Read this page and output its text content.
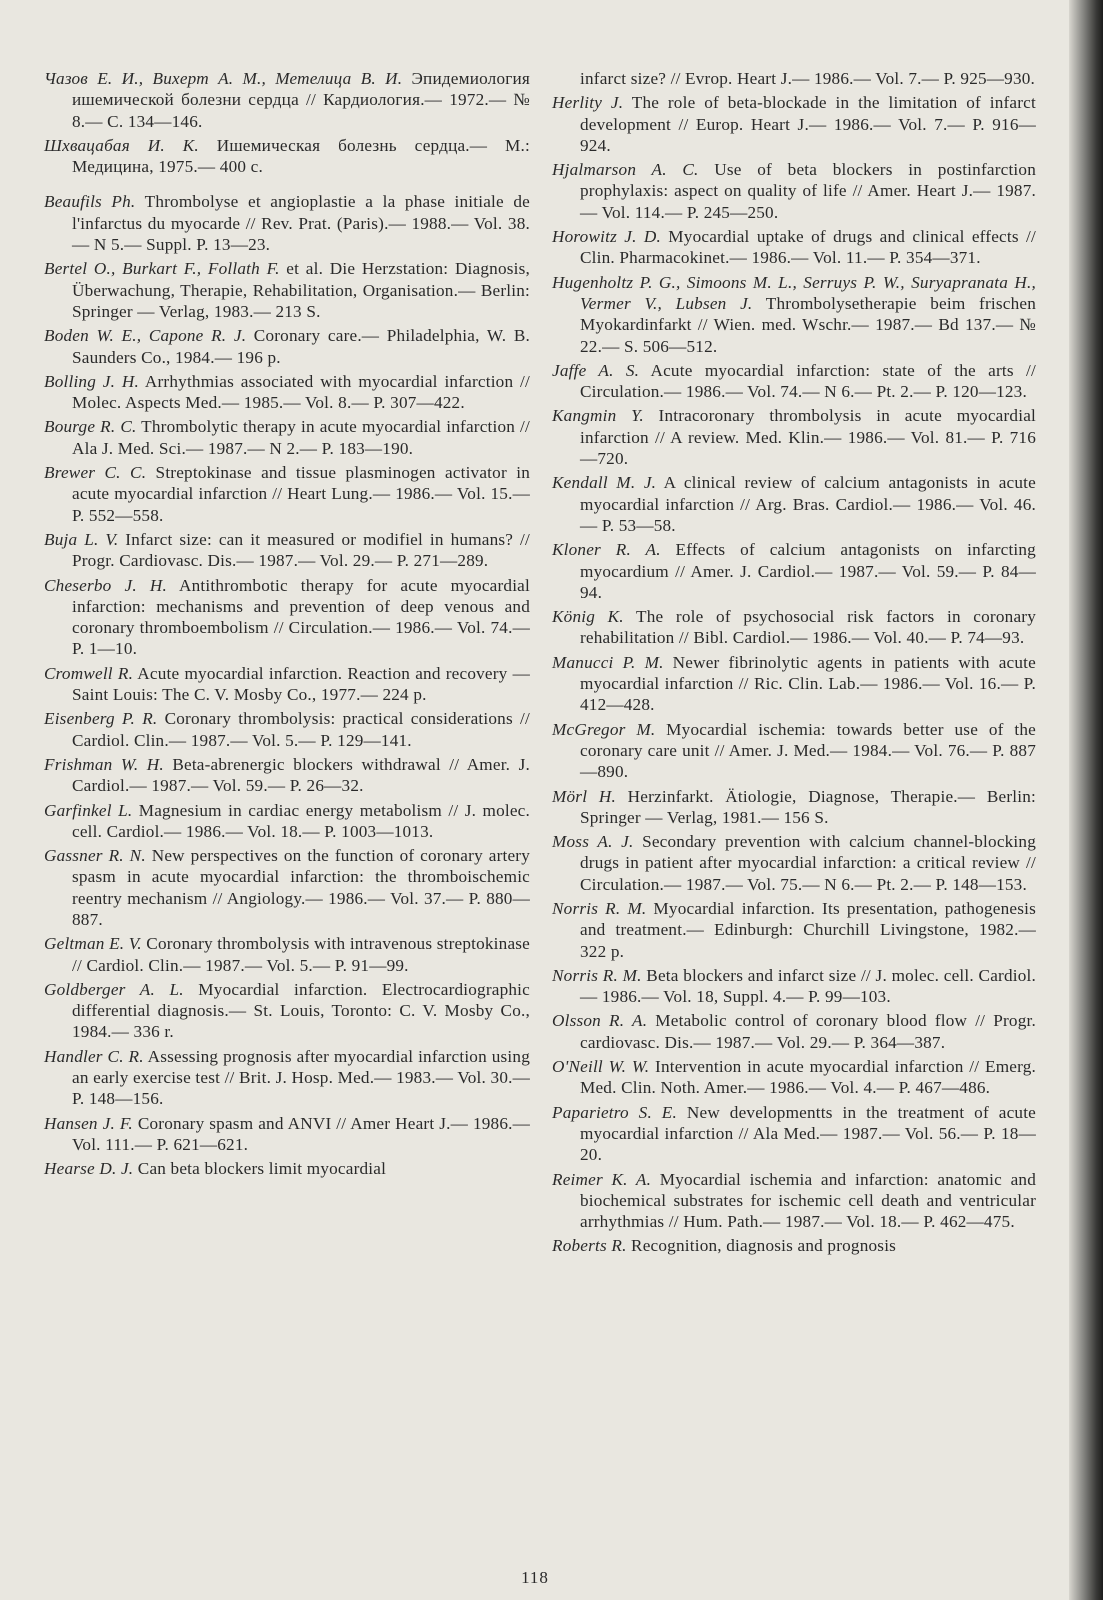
Чазов Е. И., Вихерт А. М., Метелица В. И. Эпидемиология ишемической болезни сердца // Кардиология.— 1972.— № 8.— С. 134—146.

Шхвацабая И. К. Ишемическая болезнь сердца.— М.: Медицина, 1975.— 400 с.

Beaufils Ph. Thrombolyse et angioplastie a la phase initiale de l'infarctus du myocarde // Rev. Prat. (Paris).— 1988.— Vol. 38.— N 5.— Suppl. P. 13—23.

Bertel O., Burkart F., Follath F. et al. Die Herzstation: Diagnosis, Überwachung, Therapie, Rehabilitation, Organisation.— Berlin: Springer — Verlag, 1983.— 213 S.

Boden W. E., Capone R. J. Coronary care.— Philadelphia, W. B. Saunders Co., 1984.— 196 p.

Bolling J. H. Arrhythmias associated with myocardial infarction // Molec. Aspects Med.— 1985.— Vol. 8.— P. 307—422.

Bourge R. C. Thrombolytic therapy in acute myocardial infarction // Ala J. Med. Sci.— 1987.— N 2.— P. 183—190.

Brewer C. C. Streptokinase and tissue plasminogen activator in acute myocardial infarction // Heart Lung.— 1986.— Vol. 15.— P. 552—558.

Buja L. V. Infarct size: can it measured or modifiel in humans? // Progr. Cardiovasc. Dis.— 1987.— Vol. 29.— P. 271—289.

Cheserbo J. H. Antithrombotic therapy for acute myocardial infarction: mechanisms and prevention of deep venous and coronary thromboembolism // Circulation.— 1986.— Vol. 74.— P. 1—10.

Cromwell R. Acute myocardial infarction. Reaction and recovery — Saint Louis: The C. V. Mosby Co., 1977.— 224 p.

Eisenberg P. R. Coronary thrombolysis: practical considerations // Cardiol. Clin.— 1987.— Vol. 5.— P. 129—141.

Frishman W. H. Beta-abrenergic blockers withdrawal // Amer. J. Cardiol.— 1987.— Vol. 59.— P. 26—32.

Garfinkel L. Magnesium in cardiac energy metabolism // J. molec. cell. Cardiol.— 1986.— Vol. 18.— P. 1003—1013.

Gassner R. N. New perspectives on the function of coronary artery spasm in acute myocardial infarction: the thromboischemic reentry mechanism // Angiology.— 1986.— Vol. 37.— P. 880—887.

Geltman E. V. Coronary thrombolysis with intravenous streptokinase // Cardiol. Clin.— 1987.— Vol. 5.— P. 91—99.

Goldberger A. L. Myocardial infarction. Electrocardiographic differential diagnosis.— St. Louis, Toronto: C. V. Mosby Co., 1984.— 336 r.

Handler C. R. Assessing prognosis after myocardial infarction using an early exercise test // Brit. J. Hosp. Med.— 1983.— Vol. 30.— P. 148—156.

Hansen J. F. Coronary spasm and ANVI // Amer Heart J.— 1986.— Vol. 111.— P. 621—621.

Hearse D. J. Can beta blockers limit myocardial

infarct size? // Evrop. Heart J.— 1986.— Vol. 7.— P. 925—930.

Herlity J. The role of beta-blockade in the limitation of infarct development // Europ. Heart J.— 1986.— Vol. 7.— P. 916—924.

Hjalmarson A. C. Use of beta blockers in postinfarction prophylaxis: aspect on quality of life // Amer. Heart J.— 1987.— Vol. 114.— P. 245—250.

Horowitz J. D. Myocardial uptake of drugs and clinical effects // Clin. Pharmacokinet.— 1986.— Vol. 11.— P. 354—371.

Hugenholtz P. G., Simoons M. L., Serruys P. W., Suryapranata H., Vermer V., Lubsen J. Thrombolysetherapie beim frischen Myokardinfarkt // Wien. med. Wschr.— 1987.— Bd 137.— № 22.— S. 506—512.

Jaffe A. S. Acute myocardial infarction: state of the arts // Circulation.— 1986.— Vol. 74.— N 6.— Pt. 2.— P. 120—123.

Kangmin Y. Intracoronary thrombolysis in acute myocardial infarction // A review. Med. Klin.— 1986.— Vol. 81.— P. 716—720.

Kendall M. J. A clinical review of calcium antagonists in acute myocardial infarction // Arg. Bras. Cardiol.— 1986.— Vol. 46.— P. 53—58.

Kloner R. A. Effects of calcium antagonists on infarcting myocardium // Amer. J. Cardiol.— 1987.— Vol. 59.— P. 84—94.

König K. The role of psychosocial risk factors in coronary rehabilitation // Bibl. Cardiol.— 1986.— Vol. 40.— P. 74—93.

Manucci P. M. Newer fibrinolytic agents in patients with acute myocardial infarction // Ric. Clin. Lab.— 1986.— Vol. 16.— P. 412—428.

McGregor M. Myocardial ischemia: towards better use of the coronary care unit // Amer. J. Med.— 1984.— Vol. 76.— P. 887—890.

Mörl H. Herzinfarkt. Ätiologie, Diagnose, Therapie.— Berlin: Springer — Verlag, 1981.— 156 S.

Moss A. J. Secondary prevention with calcium channel-blocking drugs in patient after myocardial infarction: a critical review // Circulation.— 1987.— Vol. 75.— N 6.— Pt. 2.— P. 148—153.

Norris R. M. Myocardial infarction. Its presentation, pathogenesis and treatment.— Edinburgh: Churchill Livingstone, 1982.— 322 p.

Norris R. M. Beta blockers and infarct size // J. molec. cell. Cardiol.— 1986.— Vol. 18, Suppl. 4.— P. 99—103.

Olsson R. A. Metabolic control of coronary blood flow // Progr. cardiovasc. Dis.— 1987.— Vol. 29.— P. 364—387.

O'Neill W. W. Intervention in acute myocardial infarction // Emerg. Med. Clin. Noth. Amer.— 1986.— Vol. 4.— P. 467—486.

Paparietro S. E. New developmentts in the treatment of acute myocardial infarction // Ala Med.— 1987.— Vol. 56.— P. 18—20.

Reimer K. A. Myocardial ischemia and infarction: anatomic and biochemical substrates for ischemic cell death and ventricular arrhythmias // Hum. Path.— 1987.— Vol. 18.— P. 462—475.

Roberts R. Recognition, diagnosis and prognosis

118
